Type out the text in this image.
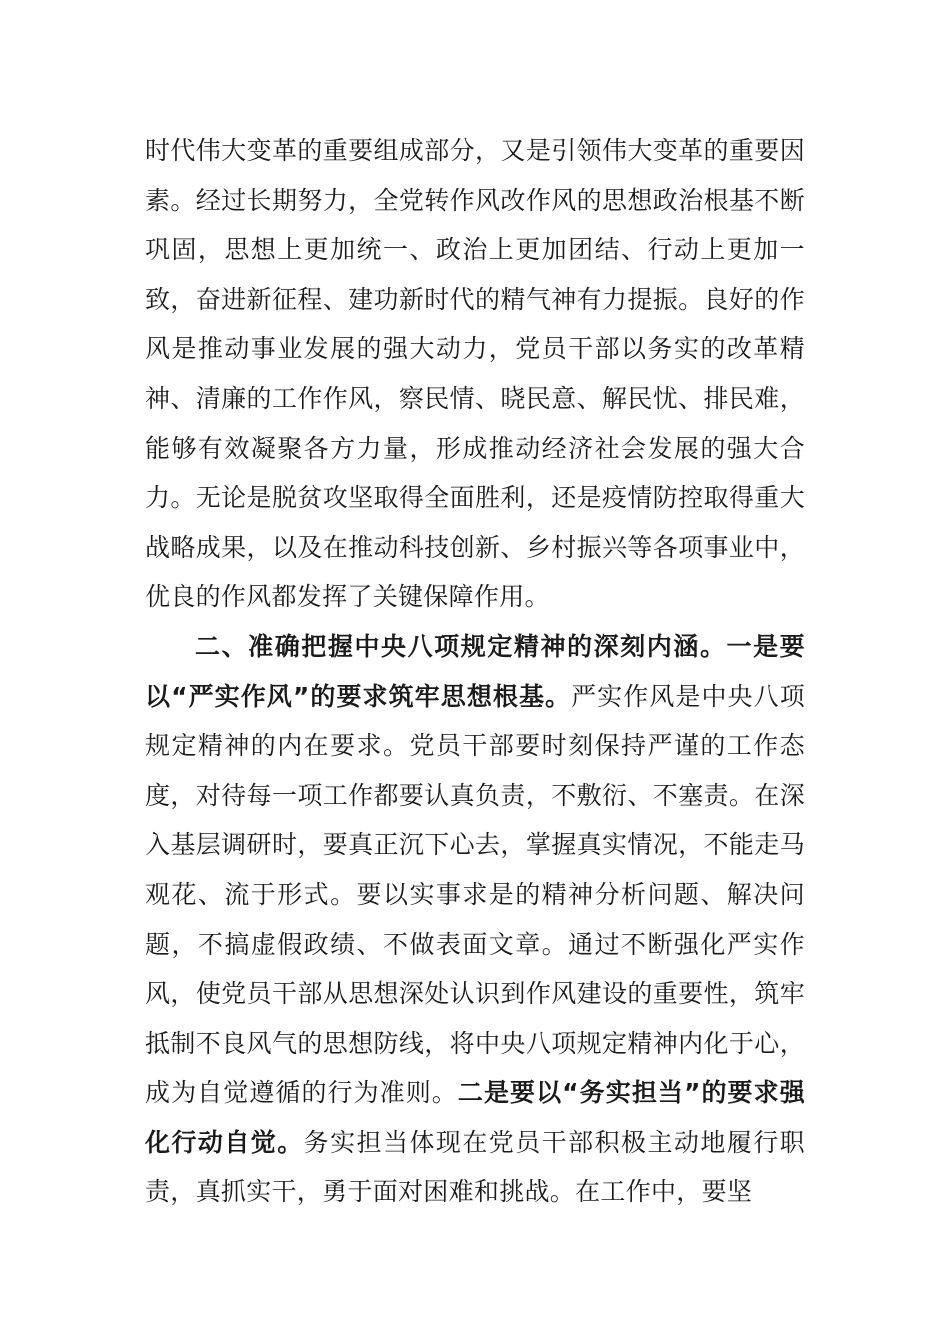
时代伟大变革的重要组成部分，又是引领伟大变革的重要因素。经过长期努力，全党转作风改作风的思想政治根基不断巩固，思想上更加统一、政治上更加团结、行动上更加一致，奋进新征程、建功新时代的精气神有力提振。良好的作风是推动事业发展的强大动力，党员干部以务实的改革精神、清廉的工作作风，察民情、晓民意、解民忧、排民难，能够有效凝聚各方力量，形成推动经济社会发展的强大合力。无论是脱贫攻坚取得全面胜利，还是疫情防控取得重大战略成果，以及在推动科技创新、乡村振兴等各项事业中，优良的作风都发挥了关键保障作用。

二、准确把握中央八项规定精神的深刻内涵。一是要以“严实作风”的要求筑牢思想根基。严实作风是中央八项规定精神的内在要求。党员干部要时刻保持严谨的工作态度，对待每一项工作都要认真负责，不敷衍、不塞责。在深入基层调研时，要真正沉下心去，掌握真实情况，不能走马观花、流于形式。要以实事求是的精神分析问题、解决问题，不搞虚假政绩、不做表面文章。通过不断强化严实作风，使党员干部从思想深处认识到作风建设的重要性，筑牢抵制不良风气的思想防线，将中央八项规定精神内化于心，成为自觉遵循的行为准则。二是要以“务实担当”的要求强化行动自觉。务实担当体现在党员干部积极主动地履行职责，真抓实干，勇于面对困难和挑战。在工作中，要坚
